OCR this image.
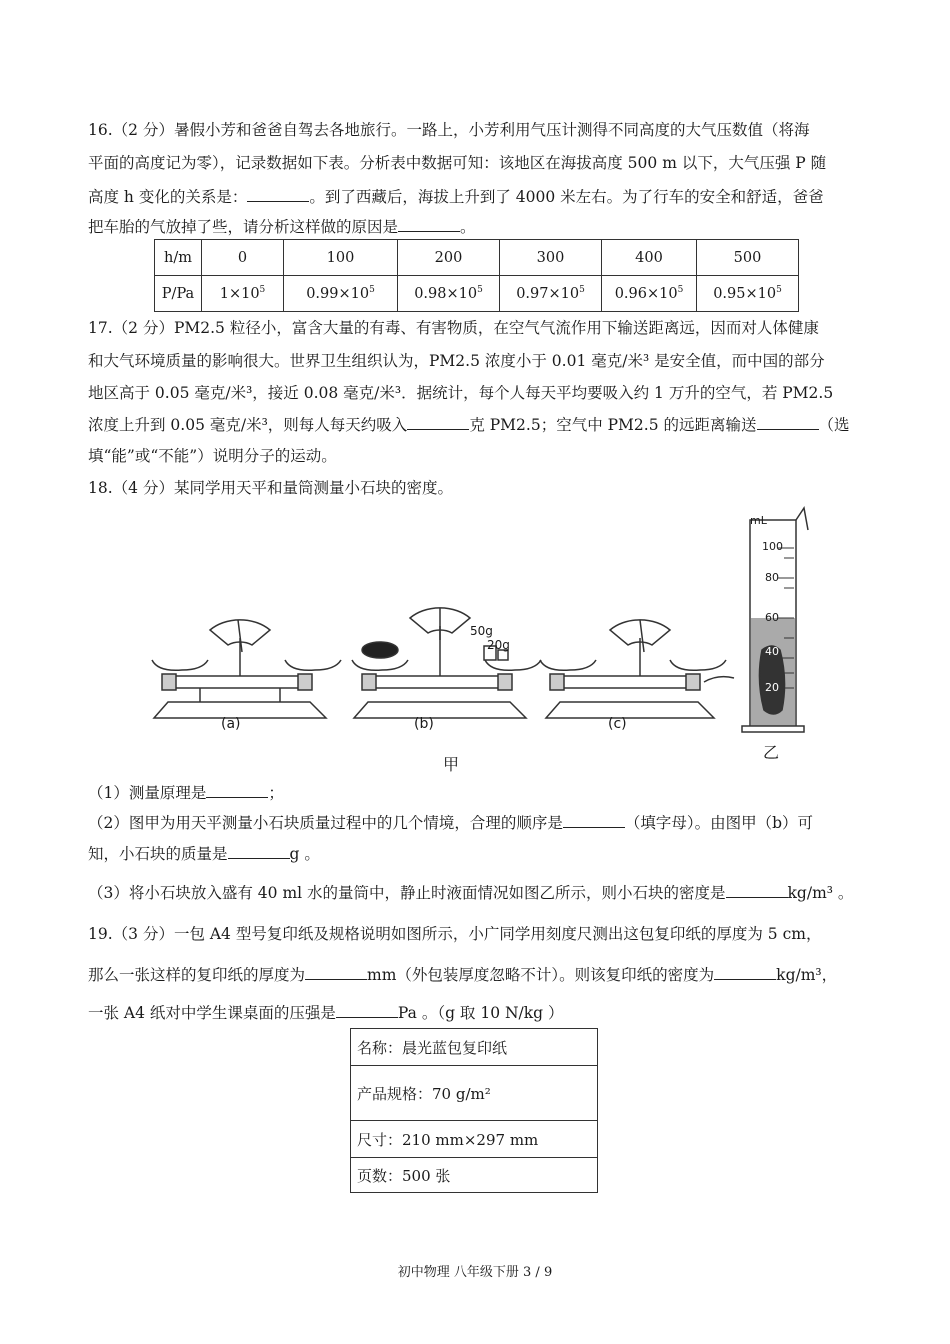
16.（2 分）暑假小芳和爸爸自驾去各地旅行。一路上，小芳利用气压计测得不同高度的大气压数值（将海
平面的高度记为零），记录数据如下表。分析表中数据可知：该地区在海拔高度 500 m 以下，大气压强 P 随
高度 h 变化的关系是：	。到了西藏后，海拔上升到了 4000 米左右。为了行车的安全和舒适，爸爸
把车胎的气放掉了些，请分析这样做的原因是	。
h/m	0	100	200	300	400	500
P/Pa	$1\times 10^5$	$0.99\times 10^5$	$0.98\times 10^5$	$0.97\times 10^5$	$0.96\times 10^5$	$0.95\times 10^5$
17.（2 分）PM2.5 粒径小，富含大量的有毒、有害物质，在空气气流作用下输送距离远，因而对人体健康
和大气环境质量的影响很大。世界卫生组织认为，PM2.5 浓度小于 0.01 毫克/米³ 是安全值，而中国的部分
地区高于 0.05 毫克/米³，接近 0.08 毫克/米³．据统计，每个人每天平均要吸入约 1 万升的空气，若 PM2.5
浓度上升到 0.05 毫克/米³，则每人每天约吸入	克 PM2.5；空气中 PM2.5 的远距离输送	（选
填“能”或“不能”）说明分子的运动。
18.（4 分）某同学用天平和量筒测量小石块的密度。
(a)	(b)	(c)
50g
20g
甲
mL
100
80
60
40
20
乙
（1）测量原理是	；
（2）图甲为用天平测量小石块质量过程中的几个情境，合理的顺序是	（填字母）。由图甲（b）可
知，小石块的质量是	g 。
（3）将小石块放入盛有 40 ml 水的量筒中，静止时液面情况如图乙所示，则小石块的密度是	kg/m³ 。
19.（3 分）一包 A4 型号复印纸及规格说明如图所示，小广同学用刻度尺测出这包复印纸的厚度为 5 cm，
那么一张这样的复印纸的厚度为	mm（外包装厚度忽略不计）。则该复印纸的密度为	kg/m³，
一张 A4 纸对中学生课桌面的压强是	Pa 。（g 取 10 N/kg ）
名称：晨光蓝包复印纸
产品规格：70 g/m²
尺寸：210 mm×297 mm
页数：500 张
初中物理 八年级下册 3 / 9
